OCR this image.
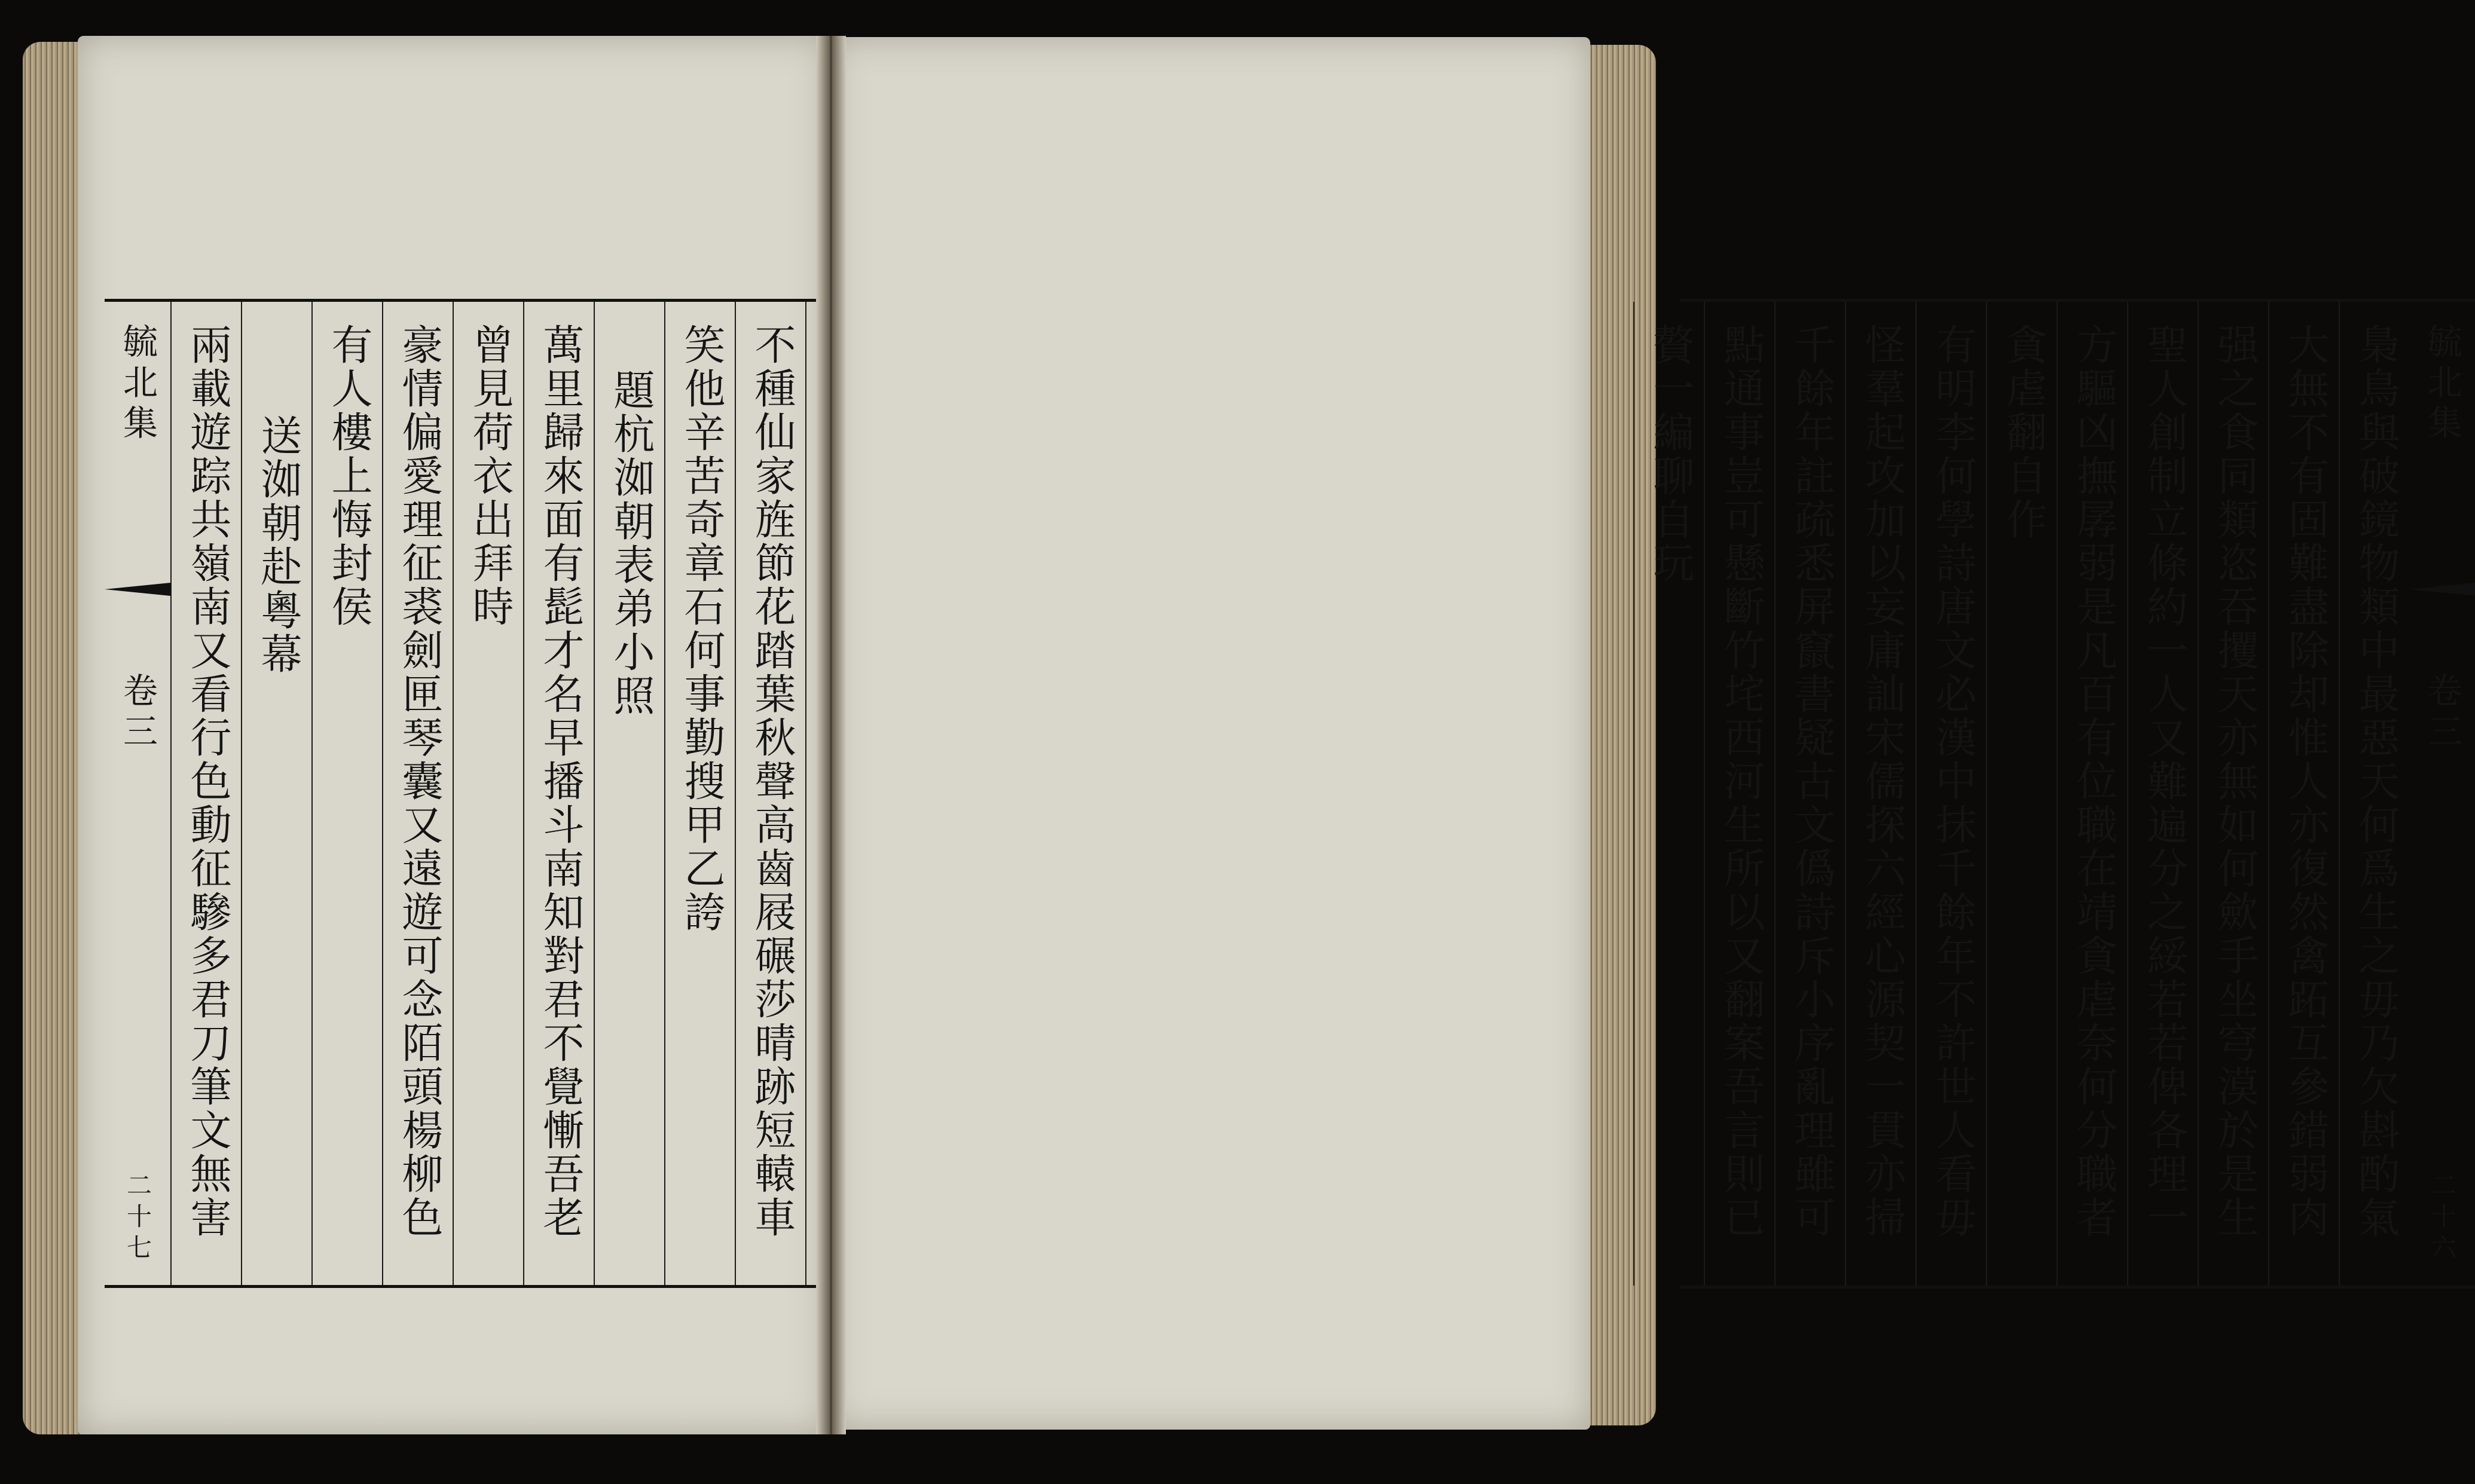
毓北集
卷三
二十七	不種仙家旌節花踏葉秋聲高齒屐碾莎晴跡短轅車
笑他辛苦奇章石何事勤搜甲乙誇
題杭洳朝表弟小照
萬里歸來面有髭才名早播斗南知對君不覺慚吾老
曾見荷衣出拜時
豪情偏愛理征裘劍匣琴囊又遠遊可念陌頭楊柳色
有人樓上悔封侯
送洳朝赴粵幕
兩載遊踪共嶺南又看行色動征驂多君刀筆文無害	毓北集
卷三
二十六
梟鳥與破鏡物類中最惡天何爲生之毋乃欠斟酌氣
大無不有固難盡除却惟人亦復然禽跖互參錯弱肉
强之食同類恣吞攫天亦無如何歛手坐穹漠於是生
聖人創制立條約一人又難遍分之綏若若俾各理一
方驅凶撫孱弱是凡百有位職在靖貪虐奈何分職者
貪虐翻自作
有明李何學詩唐文必漢中抹千餘年不許世人看毋
怪羣起攻加以妄庸訕宋儒探六經心源契一貫亦掃
千餘年註疏悉屏竄書疑古文僞詩斥小序亂理雖可
點通事豈可懸斷竹垞西河生所以又翻案吾言則已
贅一編聊自玩
